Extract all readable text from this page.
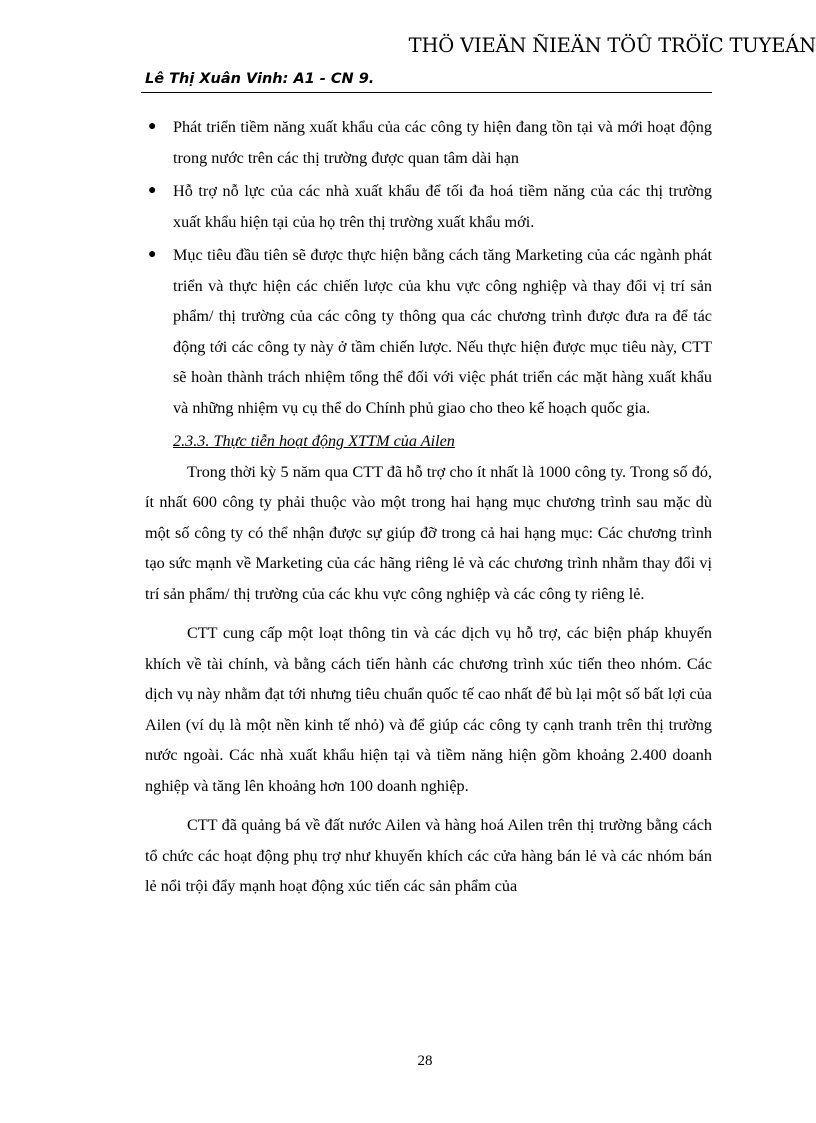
THÖ VIEÄN ÑIEÄN TÖÛ TRÖÏC TUYEÁN
Lê Thị Xuân Vinh: A1 - CN 9.
● Phát triển tiềm năng xuất khẩu của các công ty hiện đang tồn tại và mới hoạt động trong nước trên các thị trường được quan tâm dài hạn
● Hỗ trợ nỗ lực của các nhà xuất khẩu để tối đa hoá tiềm năng của các thị trường xuất khẩu hiện tại của họ trên thị trường xuất khẩu mới.
● Mục tiêu đầu tiên sẽ được thực hiện bằng cách tăng Marketing của các ngành phát triển và thực hiện các chiến lược của khu vực công nghiệp và thay đổi vị trí sản phẩm/ thị trường của các công ty thông qua các chương trình được đưa ra để tác động tới các công ty này ở tầm chiến lược. Nếu thực hiện được mục tiêu này, CTT sẽ hoàn thành trách nhiệm tổng thể đối với việc phát triển các mặt hàng xuất khẩu và những nhiệm vụ cụ thể do Chính phủ giao cho theo kế hoạch quốc gia.
2.3.3. Thực tiễn hoạt động XTTM của Ailen

Trong thời kỳ 5 năm qua CTT đã hỗ trợ cho ít nhất là 1000 công ty. Trong số đó, ít nhất 600 công ty phải thuộc vào một trong hai hạng mục chương trình sau mặc dù một số công ty có thể nhận được sự giúp đỡ trong cả hai hạng mục: Các chương trình tạo sức mạnh về Marketing của các hãng riêng lẻ và các chương trình nhằm thay đổi vị trí sản phẩm/ thị trường của các khu vực công nghiệp và các công ty riêng lẻ.

CTT cung cấp một loạt thông tin và các dịch vụ hỗ trợ, các biện pháp khuyến khích về tài chính, và bằng cách tiến hành các chương trình xúc tiến theo nhóm. Các dịch vụ này nhằm đạt tới nhưng tiêu chuẩn quốc tế cao nhất để bù lại một số bất lợi của Ailen (ví dụ là một nền kinh tế nhỏ) và để giúp các công ty cạnh tranh trên thị trường nước ngoài. Các nhà xuất khẩu hiện tại và tiềm năng hiện gồm khoảng 2.400 doanh nghiệp và tăng lên khoảng hơn 100 doanh nghiệp.

CTT đã quảng bá về đất nước Ailen và hàng hoá Ailen trên thị trường bằng cách tổ chức các hoạt động phụ trợ như khuyến khích các cửa hàng bán lẻ và các nhóm bán lẻ nổi trội đẩy mạnh hoạt động xúc tiến các sản phẩm của

28
